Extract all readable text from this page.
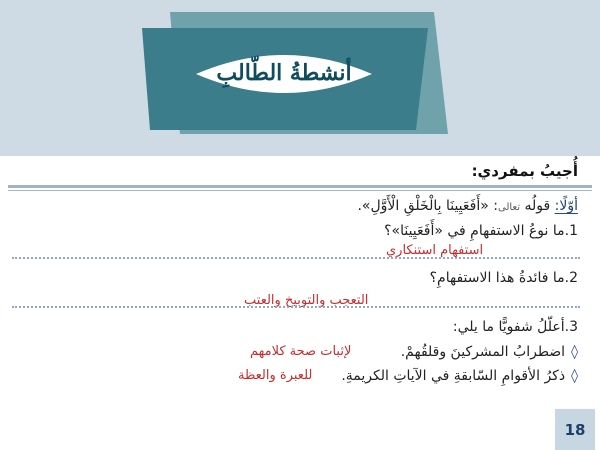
أنشطةُ الطّالبِ
أُجيبُ بمفردي:
أوّلًا: قولُه تعالى: «أَفَعَيِينَا بِالْخَلْقِ الْأَوَّلِ».
1.ما نوعُ الاستفهامِ في «أَفَعَيِينَا»؟
استفهام استنكاري
2.ما فائدةُ هذا الاستفهامِ؟
التعجب والتوبيخ والعتب
3.أعلّلُ شفويًّا ما يلي:
◊اضطرابُ المشركينَ وقلقُهمْ.
لإثبات صحة كلامهم
◊ذكرُ الأقوامِ السّابقةِ في الآياتِ الكريمةِ.
للعبرة والعظة
18
